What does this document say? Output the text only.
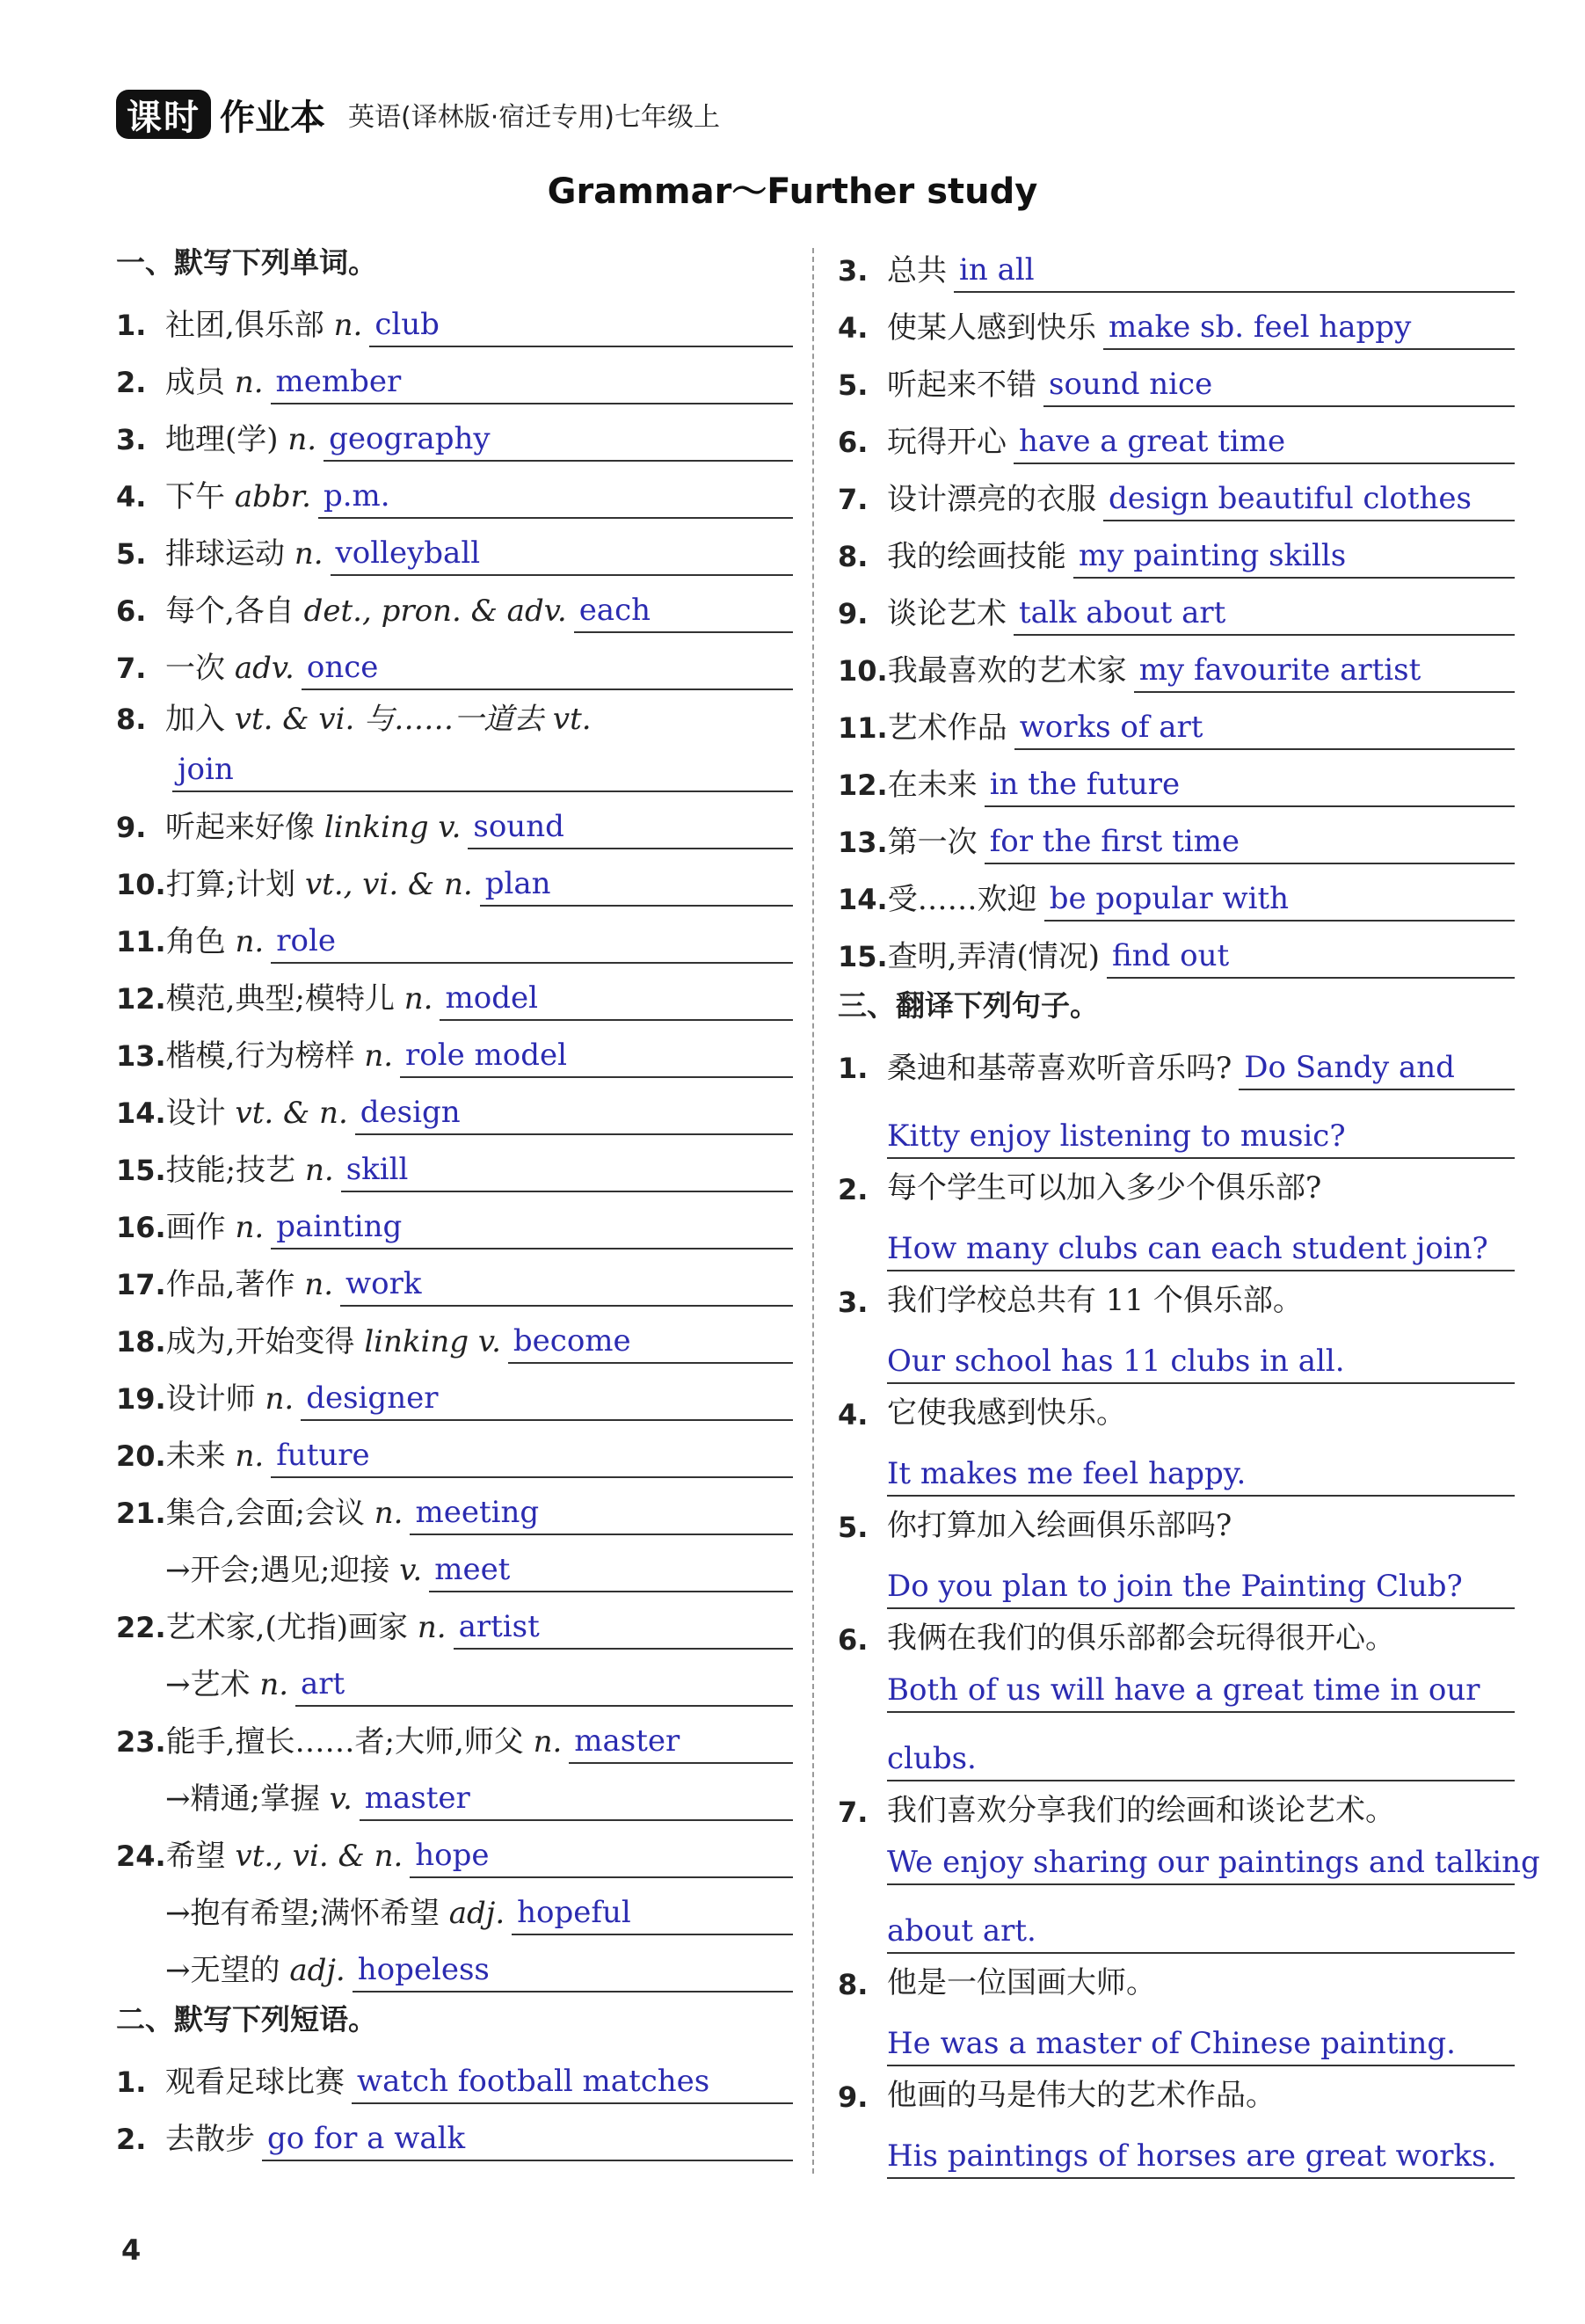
课时 作业本 英语(译林版·宿迁专用)七年级上
Grammar～Further study
一、默写下列单词。
1. 社团,俱乐部 n. club
2. 成员 n. member
3. 地理(学) n. geography
4. 下午 abbr. p.m.
5. 排球运动 n. volleyball
6. 每个,各自 det., pron. & adv. each
7. 一次 adv. once
8. 加入 vt. & vi. 与……一道去 vt.
join
9. 听起来好像 linking v. sound
10. 打算;计划 vt., vi. & n. plan
11. 角色 n. role
12. 模范,典型;模特儿 n. model
13. 楷模,行为榜样 n. role model
14. 设计 vt. & n. design
15. 技能;技艺 n. skill
16. 画作 n. painting
17. 作品,著作 n. work
18. 成为,开始变得 linking v. become
19. 设计师 n. designer
20. 未来 n. future
21. 集合,会面;会议 n. meeting
→开会;遇见;迎接 v. meet
22. 艺术家,(尤指)画家 n. artist
→艺术 n. art
23. 能手,擅长……者;大师,师父 n. master
→精通;掌握 v. master
24. 希望 vt., vi. & n. hope
→抱有希望;满怀希望 adj. hopeful
→无望的 adj. hopeless
二、默写下列短语。
1. 观看足球比赛 watch football matches
2. 去散步 go for a walk
3. 总共 in all
4. 使某人感到快乐 make sb. feel happy
5. 听起来不错 sound nice
6. 玩得开心 have a great time
7. 设计漂亮的衣服 design beautiful clothes
8. 我的绘画技能 my painting skills
9. 谈论艺术 talk about art
10. 我最喜欢的艺术家 my favourite artist
11. 艺术作品 works of art
12. 在未来 in the future
13. 第一次 for the first time
14. 受……欢迎 be popular with
15. 查明,弄清(情况) find out
三、翻译下列句子。
1. 桑迪和基蒂喜欢听音乐吗? Do Sandy and
Kitty enjoy listening to music?
2. 每个学生可以加入多少个俱乐部?
How many clubs can each student join?
3. 我们学校总共有 11 个俱乐部。
Our school has 11 clubs in all.
4. 它使我感到快乐。
It makes me feel happy.
5. 你打算加入绘画俱乐部吗?
Do you plan to join the Painting Club?
6. 我俩在我们的俱乐部都会玩得很开心。
Both of us will have a great time in our
clubs.
7. 我们喜欢分享我们的绘画和谈论艺术。
We enjoy sharing our paintings and talking
about art.
8. 他是一位国画大师。
He was a master of Chinese painting.
9. 他画的马是伟大的艺术作品。
His paintings of horses are great works.
4
